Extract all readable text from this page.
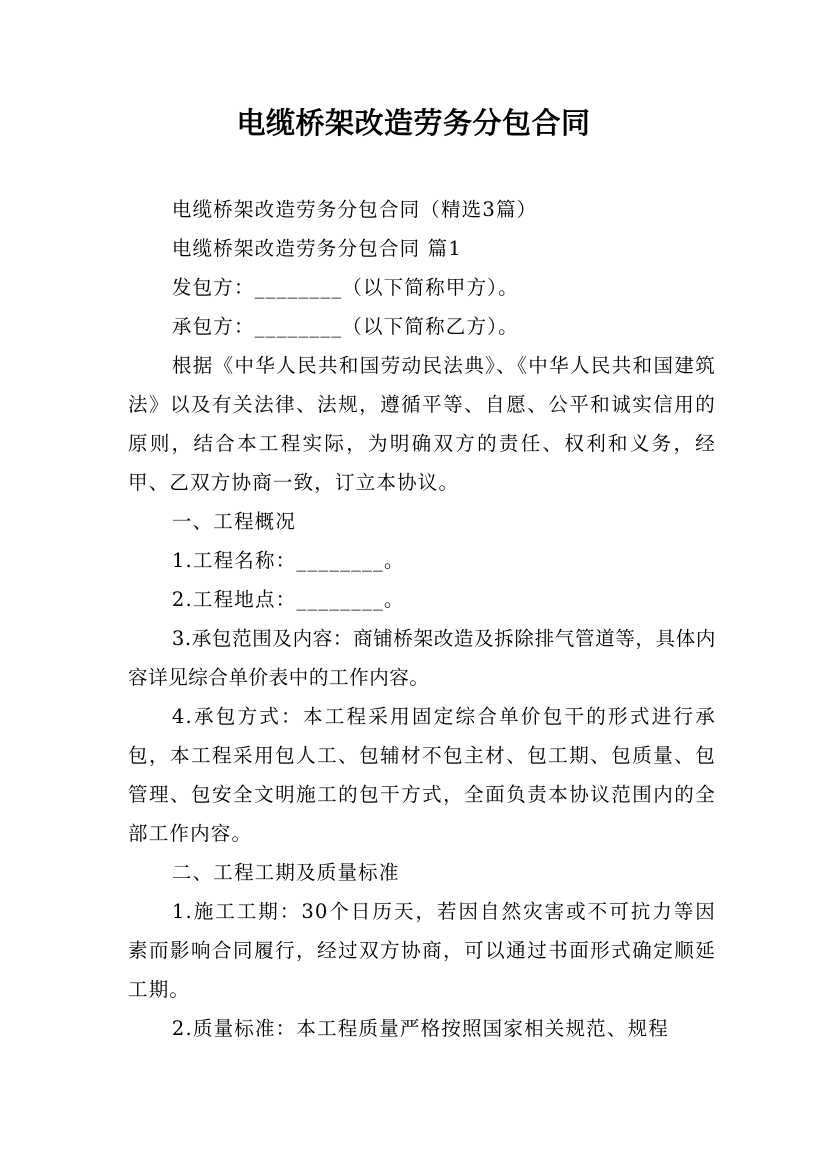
电缆桥架改造劳务分包合同

电缆桥架改造劳务分包合同（精选3篇）

电缆桥架改造劳务分包合同 篇1

发包方：________（以下简称甲方）。

承包方：________（以下简称乙方）。

根据《中华人民共和国劳动民法典》、《中华人民共和国建筑法》以及有关法律、法规，遵循平等、自愿、公平和诚实信用的原则，结合本工程实际，为明确双方的责任、权利和义务，经甲、乙双方协商一致，订立本协议。

一、工程概况

1.工程名称：________。

2.工程地点：________。

3.承包范围及内容：商铺桥架改造及拆除排气管道等，具体内容详见综合单价表中的工作内容。

4.承包方式：本工程采用固定综合单价包干的形式进行承包，本工程采用包人工、包辅材不包主材、包工期、包质量、包管理、包安全文明施工的包干方式，全面负责本协议范围内的全部工作内容。

二、工程工期及质量标准

1.施工工期：30个日历天，若因自然灾害或不可抗力等因素而影响合同履行，经过双方协商，可以通过书面形式确定顺延工期。

2.质量标准：本工程质量严格按照国家相关规范、规程
